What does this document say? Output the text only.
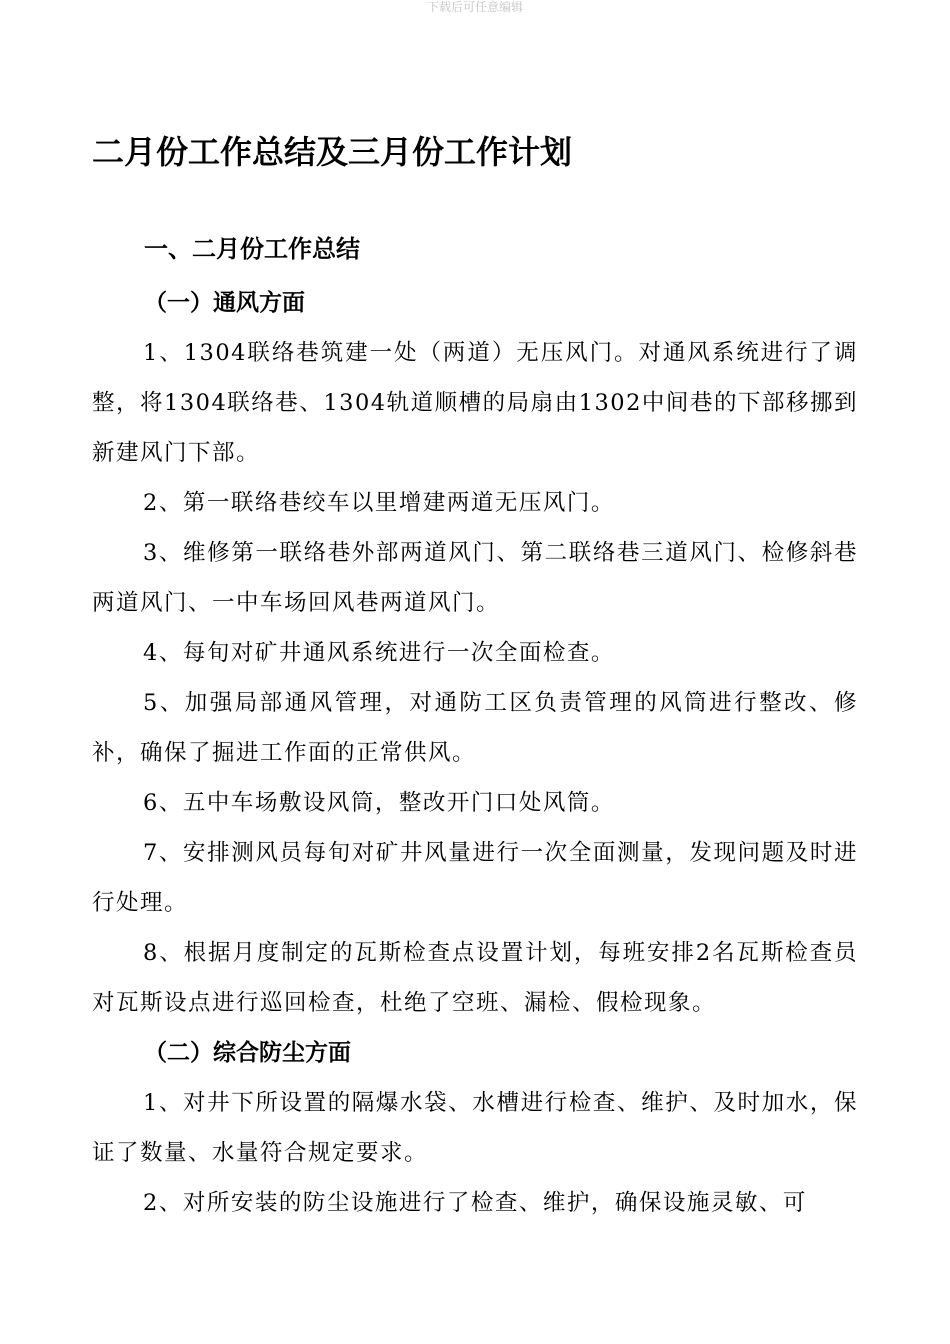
下载后可任意编辑
二月份工作总结及三月份工作计划
一、二月份工作总结
（一）通风方面

1、1304联络巷筑建一处（两道）无压风门。对通风系统进行了调整，将1304联络巷、1304轨道顺槽的局扇由1302中间巷的下部移挪到新建风门下部。

2、第一联络巷绞车以里增建两道无压风门。

3、维修第一联络巷外部两道风门、第二联络巷三道风门、检修斜巷两道风门、一中车场回风巷两道风门。

4、每旬对矿井通风系统进行一次全面检查。

5、加强局部通风管理，对通防工区负责管理的风筒进行整改、修补，确保了掘进工作面的正常供风。

6、五中车场敷设风筒，整改开门口处风筒。

7、安排测风员每旬对矿井风量进行一次全面测量，发现问题及时进行处理。

8、根据月度制定的瓦斯检查点设置计划，每班安排2名瓦斯检查员对瓦斯设点进行巡回检查，杜绝了空班、漏检、假检现象。

（二）综合防尘方面

1、对井下所设置的隔爆水袋、水槽进行检查、维护、及时加水，保证了数量、水量符合规定要求。

2、对所安装的防尘设施进行了检查、维护，确保设施灵敏、可
